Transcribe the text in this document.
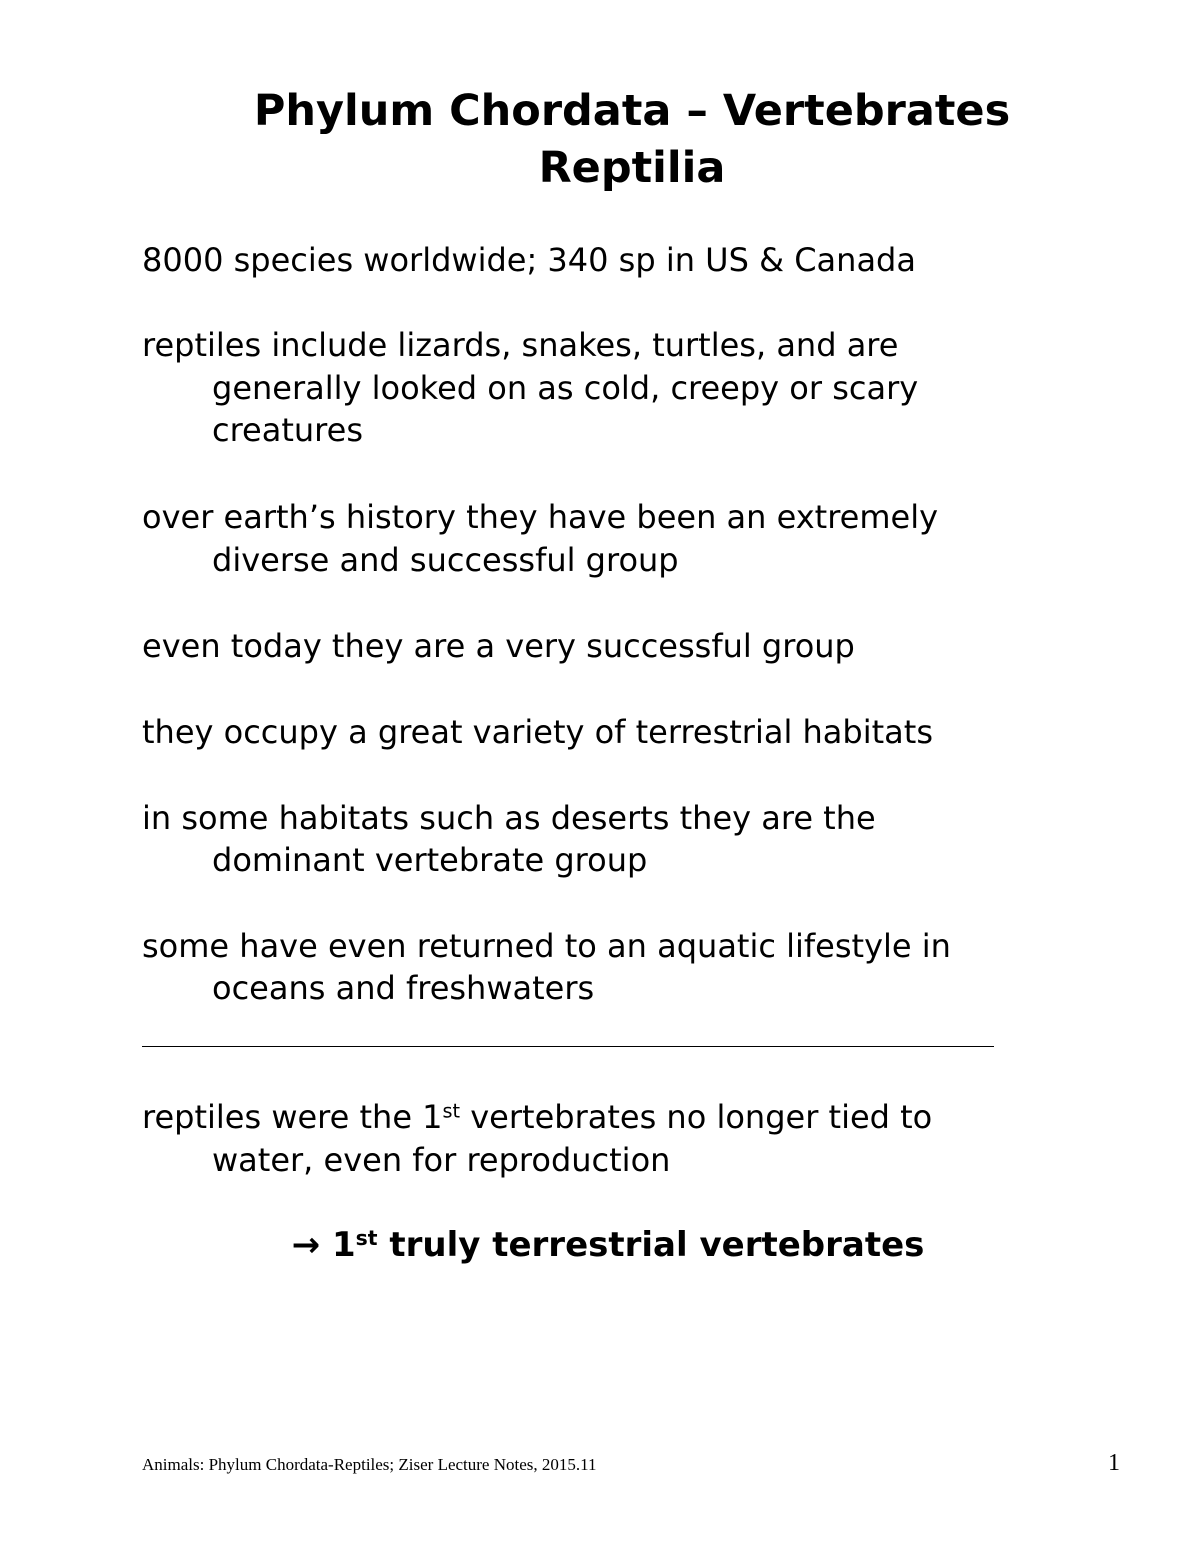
Phylum Chordata – Vertebrates
Reptilia
8000 species worldwide; 340 sp in US & Canada
reptiles include lizards, snakes, turtles, and are
generally looked on as cold, creepy or scary
creatures
over earth’s history they have been an extremely
diverse and successful group
even today they are a very successful group
they occupy a great variety of terrestrial habitats
in some habitats such as deserts they are the
dominant vertebrate group
some have even returned to an aquatic lifestyle in
oceans and freshwaters
reptiles were the 1st vertebrates no longer tied to
water, even for reproduction
→ 1st truly terrestrial vertebrates
Animals: Phylum Chordata-Reptiles; Ziser Lecture Notes, 2015.11	1
